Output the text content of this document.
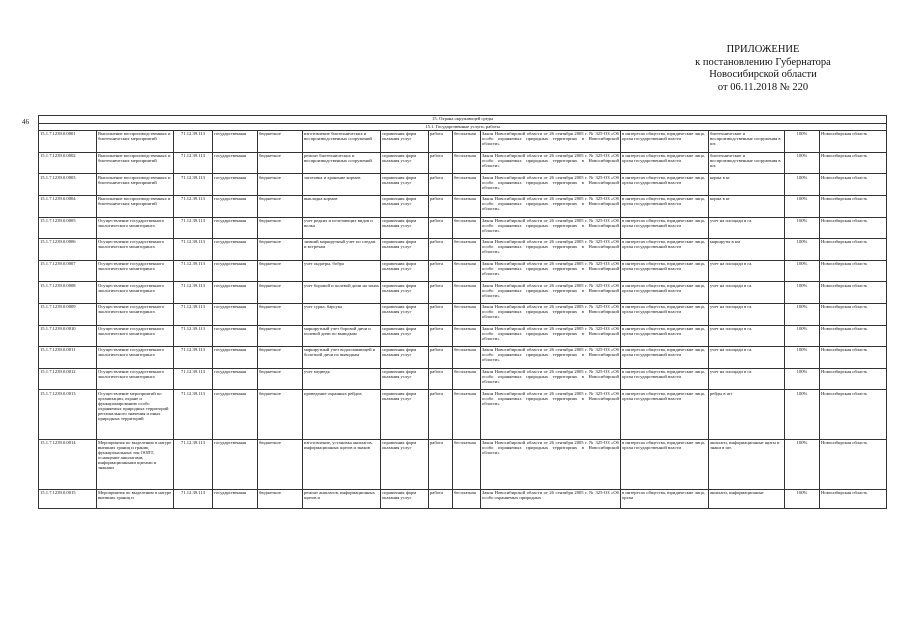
ПРИЛОЖЕНИЕ
к постановлению Губернатора
Новосибирской области
от 06.11.2018 № 220
46	15. Охрана окружающей среды													
15.1. Государственные услуги, работы													
15.1.7.1239.0.0001	Выполнение воспроизводственных и биотехнических мероприятий	71.12.39.113	государственная	бюджетное	изготовление биотехнических и воспроизводственных сооружений	справочник форм оказания услуг	работа	бесплатная	Закон Новосибирской области от 26 сентября 2005 г. № 325-ОЗ «Об особо охраняемых природных территориях в Новосибирской области»	в интересах общества, юридические лица, орган государственной власти	биотехнические и воспроизводственные сооружения в шт.	100%	Новосибирская область
15.1.7.1239.0.0002	Выполнение воспроизводственных и биотехнических мероприятий	71.12.39.113	государственная	бюджетное	ремонт биотехнических и воспроизводственных сооружений	справочник форм оказания услуг	работа	бесплатная	Закон Новосибирской области от 26 сентября 2005 г. № 325-ОЗ «Об особо охраняемых природных территориях в Новосибирской области»	в интересах общества, юридические лица, орган государственной власти	биотехнические и воспроизводственные сооружения в шт.	100%	Новосибирская область
15.1.7.1239.0.0003	Выполнение воспроизводственных и биотехнических мероприятий	71.12.39.113	государственная	бюджетное	заготовка и хранение кормов	справочник форм оказания услуг	работа	бесплатная	Закон Новосибирской области от 26 сентября 2005 г. № 325-ОЗ «Об особо охраняемых природных территориях в Новосибирской области»	в интересах общества, юридические лица, орган государственной власти	корма в кг.	100%	Новосибирская область
15.1.7.1239.0.0004	Выполнение воспроизводственных и биотехнических мероприятий	71.12.39.113	государственная	бюджетное	выкладка кормов	справочник форм оказания услуг	работа	бесплатная	Закон Новосибирской области от 26 сентября 2005 г. № 325-ОЗ «Об особо охраняемых природных территориях в Новосибирской области»	в интересах общества, юридические лица, орган государственной власти	корма в кг	100%	Новосибирская область
15.1.7.1239.0.0005	Осуществление государственного экологического мониторинга	71.12.39.113	государственная	бюджетное	учет редких и исчезающих видов и волка	справочник форм оказания услуг	работа	бесплатная	Закон Новосибирской области от 26 сентября 2005 г. № 325-ОЗ «Об особо охраняемых природных территориях в Новосибирской области»	в интересах общества, юридические лица, орган государственной власти	учет на площади в га.	100%	Новосибирская область
15.1.7.1239.0.0006	Осуществление государственного экологического мониторинга	71.12.39.113	государственная	бюджетное	зимний маршрутный учет по следам и встречам	справочник форм оказания услуг	работа	бесплатная	Закон Новосибирской области от 26 сентября 2005 г. № 325-ОЗ «Об особо охраняемых природных территориях в Новосибирской области»	в интересах общества, юридические лица, орган государственной власти	маршруты в км	100%	Новосибирская область
15.1.7.1239.0.0007	Осуществление государственного экологического мониторинга	71.12.39.113	государственная	бюджетное	учет ондатры, бобра	справочник форм оказания услуг	работа	бесплатная	Закон Новосибирской области от 26 сентября 2005 г. № 325-ОЗ «Об особо охраняемых природных территориях в Новосибирской области»	в интересах общества, юридические лица, орган государственной власти	учет на площади в га.	100%	Новосибирская область
15.1.7.1239.0.0008	Осуществление государственного экологического мониторинга	71.12.39.113	государственная	бюджетное	учет боровой и полевой дичи на зонах	справочник форм оказания услуг	работа	бесплатная	Закон Новосибирской области от 26 сентября 2005 г. № 325-ОЗ «Об особо охраняемых природных территориях в Новосибирской области»	в интересах общества, юридические лица, орган государственной власти	учет на площади в га.	100%	Новосибирская область
15.1.7.1239.0.0009	Осуществление государственного экологического мониторинга	71.12.39.113	государственная	бюджетное	учет сурка, барсука	справочник форм оказания услуг	работа	бесплатная	Закон Новосибирской области от 26 сентября 2005 г. № 325-ОЗ «Об особо охраняемых природных территориях в Новосибирской области»	в интересах общества, юридические лица, орган государственной власти	учет на площади в га.	100%	Новосибирская область
15.1.7.1239.0.0010	Осуществление государственного экологического мониторинга	71.12.39.113	государственная	бюджетное	маршрутный учет боровой дичи и полевой дичи по выводкам	справочник форм оказания услуг	работа	бесплатная	Закон Новосибирской области от 26 сентября 2005 г. № 325-ОЗ «Об особо охраняемых природных территориях в Новосибирской области»	в интересах общества, юридические лица, орган государственной власти	учет на площади в га.	100%	Новосибирская область
15.1.7.1239.0.0011	Осуществление государственного экологического мониторинга	71.12.39.113	государственная	бюджетное	маршрутный учет водоплавающей и болотной дичи по выводкам	справочник форм оказания услуг	работа	бесплатная	Закон Новосибирской области от 26 сентября 2005 г. № 325-ОЗ «Об особо охраняемых природных территориях в Новосибирской области»	в интересах общества, юридические лица, орган государственной власти	учет на площади в га.	100%	Новосибирская область
15.1.7.1239.0.0012	Осуществление государственного экологического мониторинга	71.12.39.113	государственная	бюджетное	учет медведя	справочник форм оказания услуг	работа	бесплатная	Закон Новосибирской области от 26 сентября 2005 г. № 325-ОЗ «Об особо охраняемых природных территориях в Новосибирской области»	в интересах общества, юридические лица, орган государственной власти	учет на площади в га.	100%	Новосибирская область
15.1.7.1239.0.0013	Осуществление мероприятий по организации, охране и функционированию особо охраняемых природных территорий регионального значения и иных природных территорий	71.12.39.113	государственная	бюджетное	проведение охранных рейдов	справочник форм оказания услуг	работа	бесплатная	Закон Новосибирской области от 26 сентября 2005 г. № 325-ОЗ «Об особо охраняемых природных территориях в Новосибирской области»	в интересах общества, юридические лица, орган государственной власти	рейды в шт	100%	Новосибирская область
15.1.7.1239.0.0014	Мероприятия по выделению в натуре внешних границ и границ функциональных зон ООПТ, оснащение аншлагами, информационными щитами и знаками	71.12.39.113	государственная	бюджетное	изготовление, установка аншлагов, информационных щитов и знаков	справочник форм оказания услуг	работа	бесплатная	Закон Новосибирской области от 26 сентября 2005 г. № 325-ОЗ «Об особо охраняемых природных территориях в Новосибирской области»	в интересах общества, юридические лица, орган государственной власти	аншлаги, информационные щиты и знаки в шт.	100%	Новосибирская область
15.1.7.1239.0.0015	Мероприятия по выделению в натуре внешних границ и	71.12.39.113	государственная	бюджетное	ремонт аншлагов, информационных щитов и	справочник форм оказания услуг	работа	бесплатная	Закон Новосибирской области от 26 сентября 2005 г. № 325-ОЗ «Об особо охраняемых природных	в интересах общества, юридические лица, орган	аншлаги, информационные	100%	Новосибирская область
